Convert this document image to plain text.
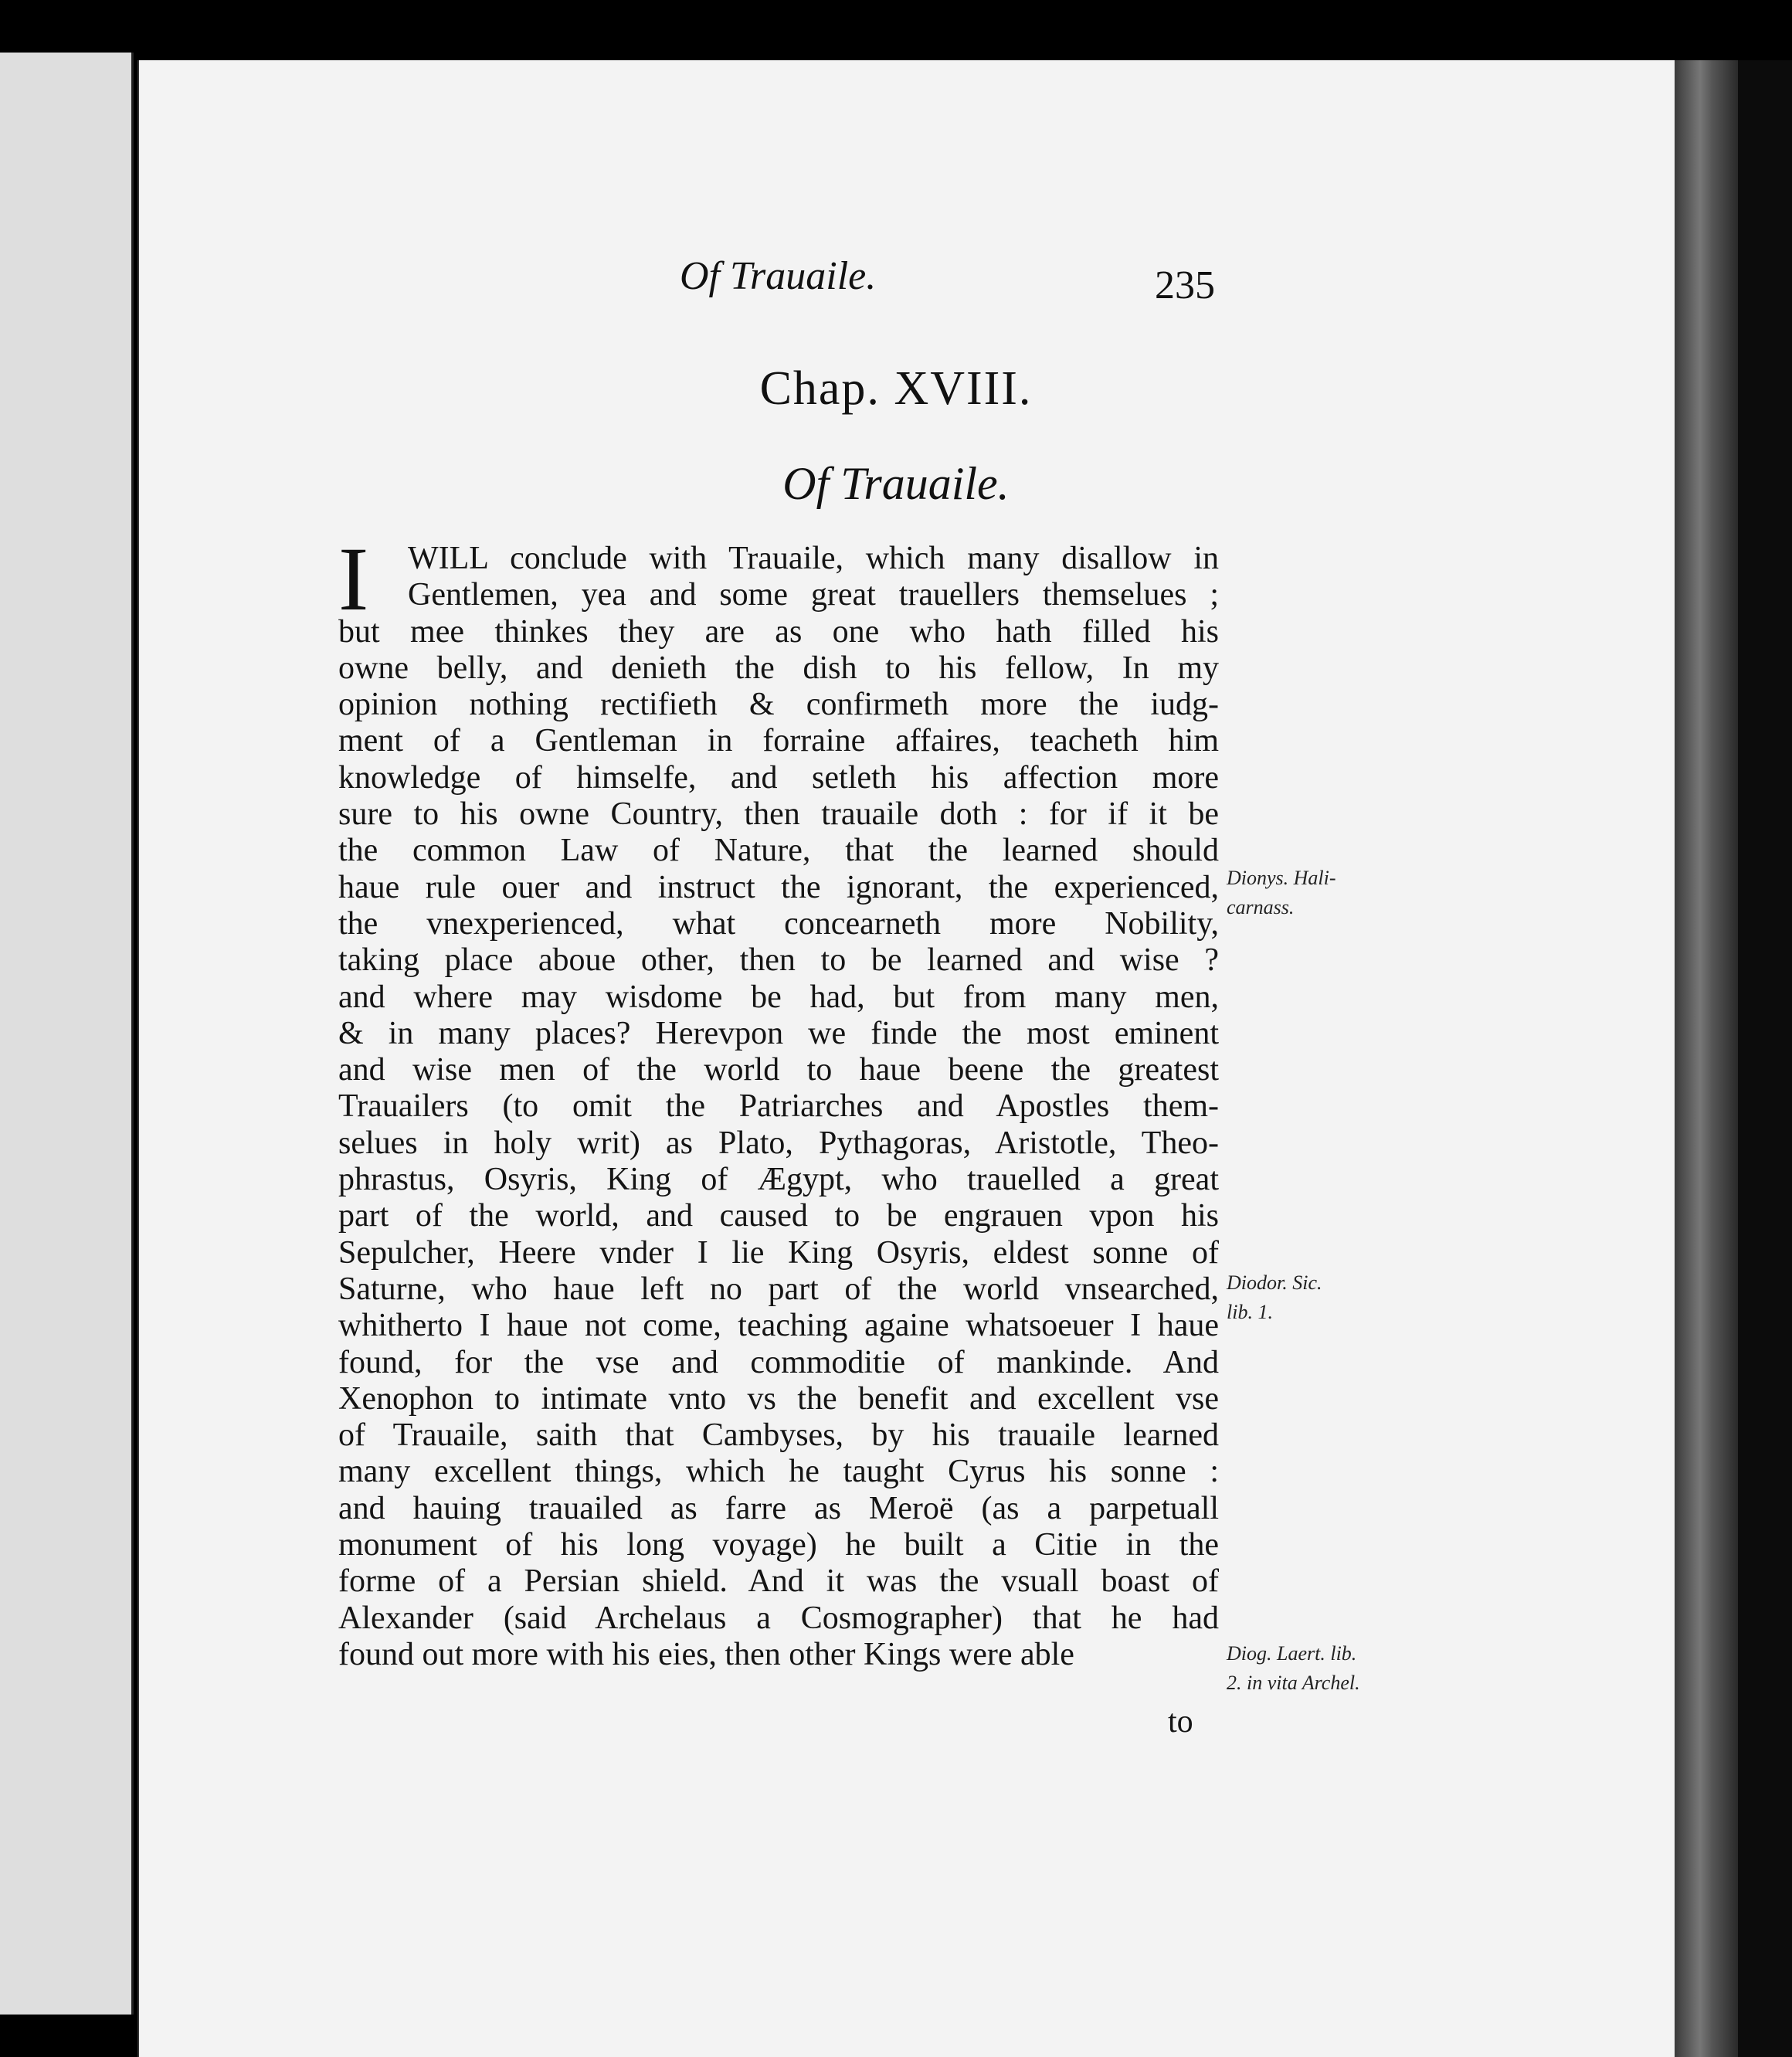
Of Trauaile.	235
Chap. XVIII.
Of Trauaile.
I	WILL conclude with Trauaile, which many disallow in
Gentlemen, yea and some great trauellers themselues ;
but mee thinkes they are as one who hath filled his
owne belly, and denieth the dish to his fellow, In my
opinion nothing rectifieth & confirmeth more the iudg-
ment of a Gentleman in forraine affaires, teacheth him
knowledge of himselfe, and setleth his affection more
sure to his owne Country, then trauaile doth : for if it be
the common Law of Nature, that the learned should
haue rule ouer and instruct the ignorant, the experienced,
the vnexperienced, what concearneth more Nobility,
taking place aboue other, then to be learned and wise ?
and where may wisdome be had, but from many men,
& in many places? Herevpon we finde the most eminent
and wise men of the world to haue beene the greatest
Trauailers (to omit the Patriarches and Apostles them-
selues in holy writ) as Plato, Pythagoras, Aristotle, Theo-
phrastus, Osyris, King of Ægypt, who trauelled a great
part of the world, and caused to be engrauen vpon his
Sepulcher, Heere vnder I lie King Osyris, eldest sonne of
Saturne, who haue left no part of the world vnsearched,
whitherto I haue not come, teaching againe whatsoeuer I haue
found, for the vse and commoditie of mankinde. And
Xenophon to intimate vnto vs the benefit and excellent vse
of Trauaile, saith that Cambyses, by his trauaile learned
many excellent things, which he taught Cyrus his sonne :
and hauing trauailed as farre as Meroë (as a parpetuall
monument of his long voyage) he built a Citie in the
forme of a Persian shield. And it was the vsuall boast of
Alexander (said Archelaus a Cosmographer) that he had
found out more with his eies, then other Kings were able
to
Dionys. Hali-
carnass.
Diodor. Sic.
lib. 1.
Diog. Laert. lib.
2. in vita Archel.
